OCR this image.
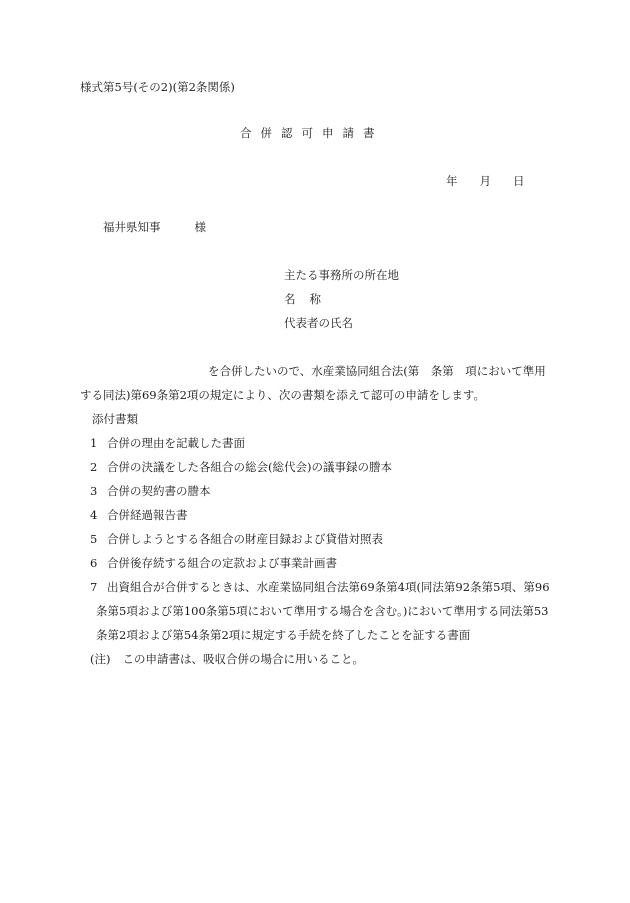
様式第5号(その2)(第2条関係)
合併認可申請書
年 月 日
福井県知事	様
主たる事務所の所在地
名称
代表者の氏名
を合併したいので、水産業協同組合法(第　条第　項において準用
する同法)第69条第2項の規定により、次の書類を添えて認可の申請をします。
添付書類
1 合併の理由を記載した書面
2 合併の決議をした各組合の総会(総代会)の議事録の謄本
3 合併の契約書の謄本
4 合併経過報告書
5 合併しようとする各組合の財産目録および貸借対照表
6 合併後存続する組合の定款および事業計画書
7 出資組合が合併するときは、水産業協同組合法第69条第4項(同法第92条第5項、第96
条第5項および第100条第5項において準用する場合を含む。)において準用する同法第53
条第2項および第54条第2項に規定する手続を終了したことを証する書面
(注) この申請書は、吸収合併の場合に用いること。
